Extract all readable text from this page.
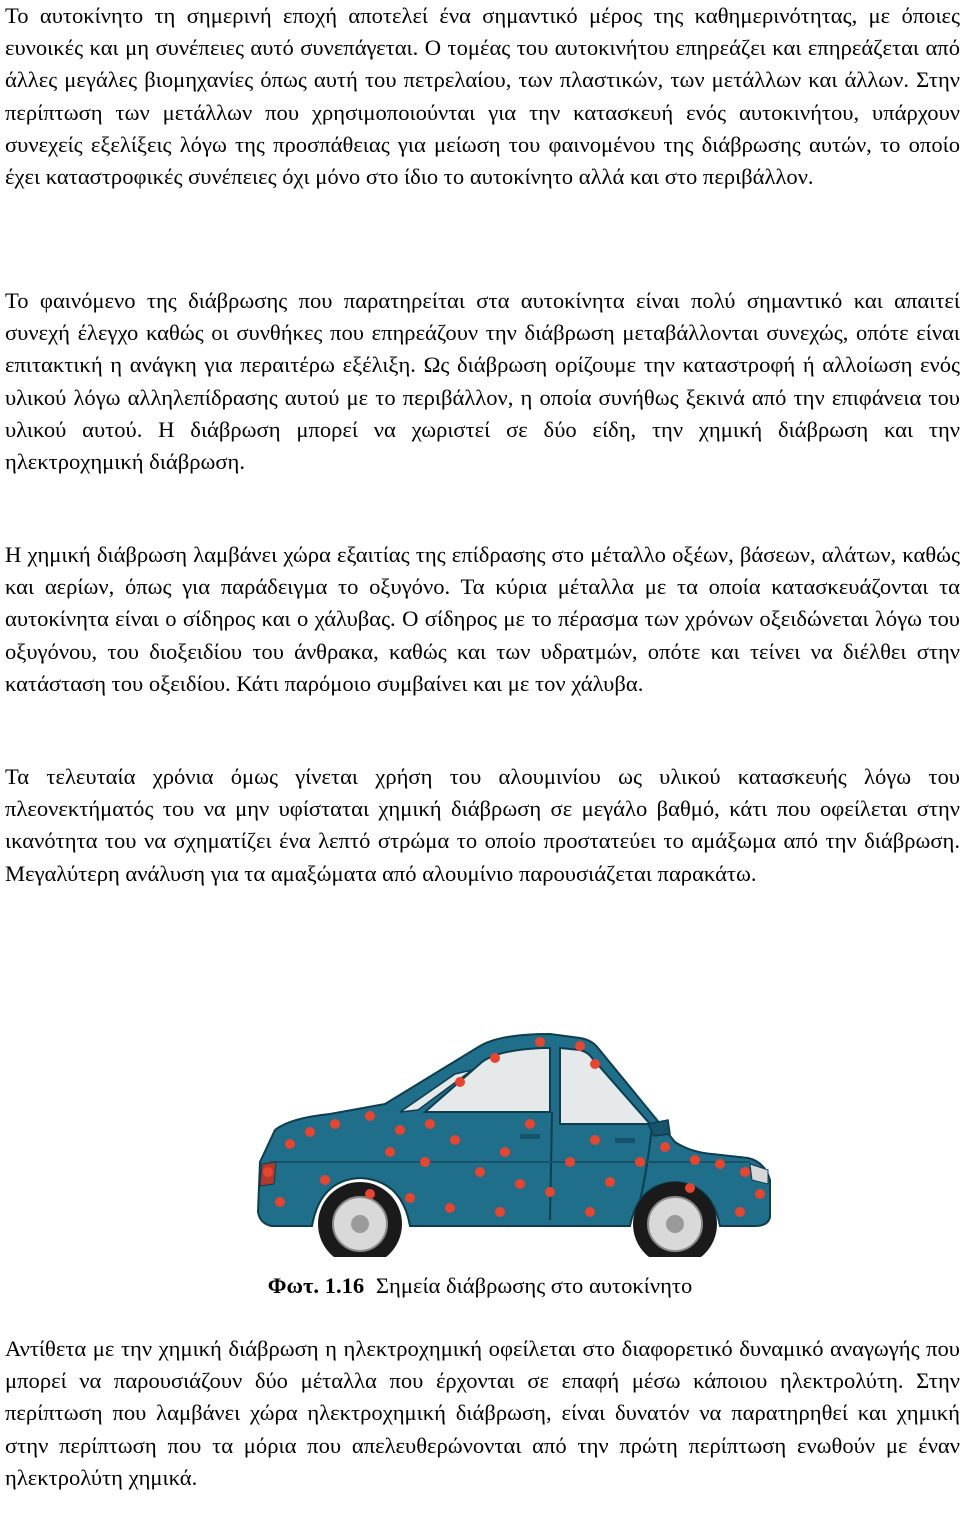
Το αυτοκίνητο τη σημερινή εποχή αποτελεί ένα σημαντικό μέρος της καθημερινότητας, με όποιες ευνοικές και μη συνέπειες αυτό συνεπάγεται. Ο τομέας του αυτοκινήτου επηρεάζει και επηρεάζεται από άλλες μεγάλες βιομηχανίες όπως αυτή του πετρελαίου, των πλαστικών, των μετάλλων και άλλων. Στην περίπτωση των μετάλλων που χρησιμοποιούνται για την κατασκευή ενός αυτοκινήτου, υπάρχουν συνεχείς εξελίξεις λόγω της προσπάθειας για μείωση του φαινομένου της διάβρωσης αυτών, το οποίο έχει καταστροφικές συνέπειες όχι μόνο στο ίδιο το αυτοκίνητο αλλά και στο περιβάλλον.

Το φαινόμενο της διάβρωσης που παρατηρείται στα αυτοκίνητα είναι πολύ σημαντικό και απαιτεί συνεχή έλεγχο καθώς οι συνθήκες που επηρεάζουν την διάβρωση μεταβάλλονται συνεχώς, οπότε είναι επιτακτική η ανάγκη για περαιτέρω εξέλιξη. Ως διάβρωση ορίζουμε την καταστροφή ή αλλοίωση ενός υλικού λόγω αλληλεπίδρασης αυτού με το περιβάλλον, η οποία συνήθως ξεκινά από την επιφάνεια του υλικού αυτού. Η διάβρωση μπορεί να χωριστεί σε δύο είδη, την χημική διάβρωση και την ηλεκτροχημική διάβρωση.

Η χημική διάβρωση λαμβάνει χώρα εξαιτίας της επίδρασης στο μέταλλο οξέων, βάσεων, αλάτων, καθώς και αερίων, όπως για παράδειγμα το οξυγόνο. Τα κύρια μέταλλα με τα οποία κατασκευάζονται τα αυτοκίνητα είναι ο σίδηρος και ο χάλυβας. Ο σίδηρος με το πέρασμα των χρόνων οξειδώνεται λόγω του οξυγόνου, του διοξειδίου του άνθρακα, καθώς και των υδρατμών, οπότε και τείνει να διέλθει στην κατάσταση του οξειδίου. Κάτι παρόμοιο συμβαίνει και με τον χάλυβα.

Τα τελευταία χρόνια όμως γίνεται χρήση του αλουμινίου ως υλικού κατασκευής λόγω του πλεονεκτήματός του να μην υφίσταται χημική διάβρωση σε μεγάλο βαθμό, κάτι που οφείλεται στην ικανότητα του να σχηματίζει ένα λεπτό στρώμα το οποίο προστατεύει το αμάξωμα από την διάβρωση. Μεγαλύτερη ανάλυση για τα αμαξώματα από αλουμίνιο παρουσιάζεται παρακάτω.

Φωτ. 1.16 Σημεία διάβρωσης στο αυτοκίνητο

Αντίθετα με την χημική διάβρωση η ηλεκτροχημική οφείλεται στο διαφορετικό δυναμικό αναγωγής που μπορεί να παρουσιάζουν δύο μέταλλα που έρχονται σε επαφή μέσω κάποιου ηλεκτρολύτη. Στην περίπτωση που λαμβάνει χώρα ηλεκτροχημική διάβρωση, είναι δυνατόν να παρατηρηθεί και χημική στην περίπτωση που τα μόρια που απελευθερώνονται από την πρώτη περίπτωση ενωθούν με έναν ηλεκτρολύτη χημικά.
